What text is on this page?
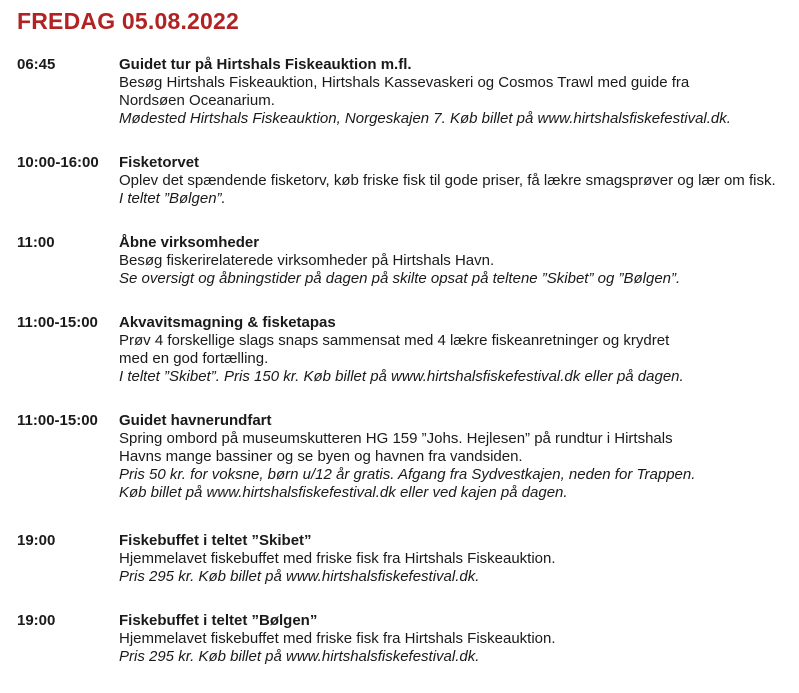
FREDAG 05.08.2022
06:45	Guidet tur på Hirtshals Fiskeauktion m.fl.
Besøg Hirtshals Fiskeauktion, Hirtshals Kassevaskeri og Cosmos Trawl med guide fra
Nordsøen Oceanarium.
Mødested Hirtshals Fiskeauktion, Norgeskajen 7. Køb billet på www.hirtshalsfiskefestival.dk.
10:00-16:00 Fisketorvet
Oplev det spændende fisketorv, køb friske fisk til gode priser, få lækre smagsprøver og lær om fisk.
I teltet ”Bølgen”.
11:00	Åbne virksomheder
Besøg fiskerirelaterede virksomheder på Hirtshals Havn.
Se oversigt og åbningstider på dagen på skilte opsat på teltene ”Skibet” og ”Bølgen”.
11:00-15:00 Akvavitsmagning & fisketapas
Prøv 4 forskellige slags snaps sammensat med 4 lækre fiskeanretninger og krydret
med en god fortælling.
I teltet ”Skibet”. Pris 150 kr. Køb billet på www.hirtshalsfiskefestival.dk eller på dagen.
11:00-15:00 Guidet havnerundfart
Spring ombord på museumskutteren HG 159 ”Johs. Hejlesen” på rundtur i Hirtshals
Havns mange bassiner og se byen og havnen fra vandsiden.
Pris 50 kr. for voksne, børn u/12 år gratis. Afgang fra Sydvestkajen, neden for Trappen.
Køb billet på www.hirtshalsfiskefestival.dk eller ved kajen på dagen.
19:00	Fiskebuffet i teltet ”Skibet”
Hjemmelavet fiskebuffet med friske fisk fra Hirtshals Fiskeauktion.
Pris 295 kr. Køb billet på www.hirtshalsfiskefestival.dk.
19:00	Fiskebuffet i teltet ”Bølgen”
Hjemmelavet fiskebuffet med friske fisk fra Hirtshals Fiskeauktion.
Pris 295 kr. Køb billet på www.hirtshalsfiskefestival.dk.
